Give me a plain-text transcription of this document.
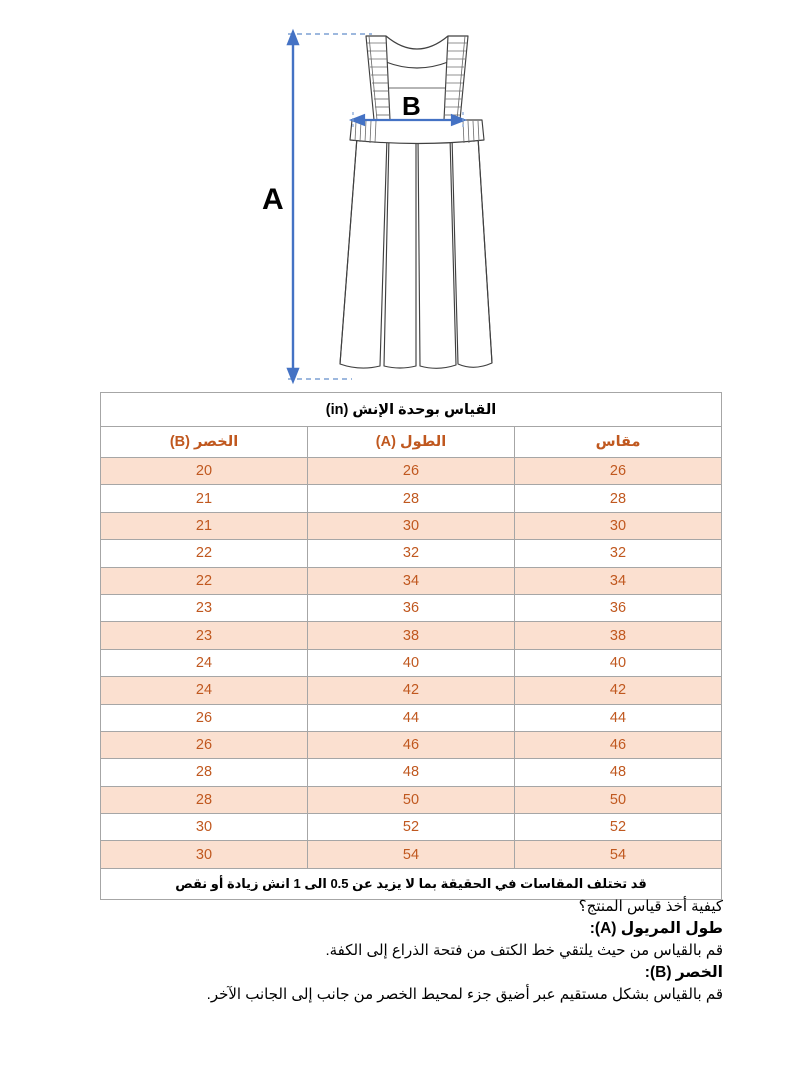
A
B
القياس بوحدة الإنش (in)		
الخصر (B)	الطول (A)	مقاس
20	26	26
21	28	28
21	30	30
22	32	32
22	34	34
23	36	36
23	38	38
24	40	40
24	42	42
26	44	44
26	46	46
28	48	48
28	50	50
30	52	52
30	54	54
قد تختلف المقاسات في الحقيقة بما لا يزيد عن 0.5 الى 1 انش زيادة أو نقص		
كيفية أخذ قياس المنتج؟
طول المريول (A):
قم بالقياس من حيث يلتقي خط الكتف من فتحة الذراع إلى الكفة.
الخصر (B):
قم بالقياس بشكل مستقيم عبر أضيق جزء لمحيط الخصر من جانب إلى الجانب الآخر.
